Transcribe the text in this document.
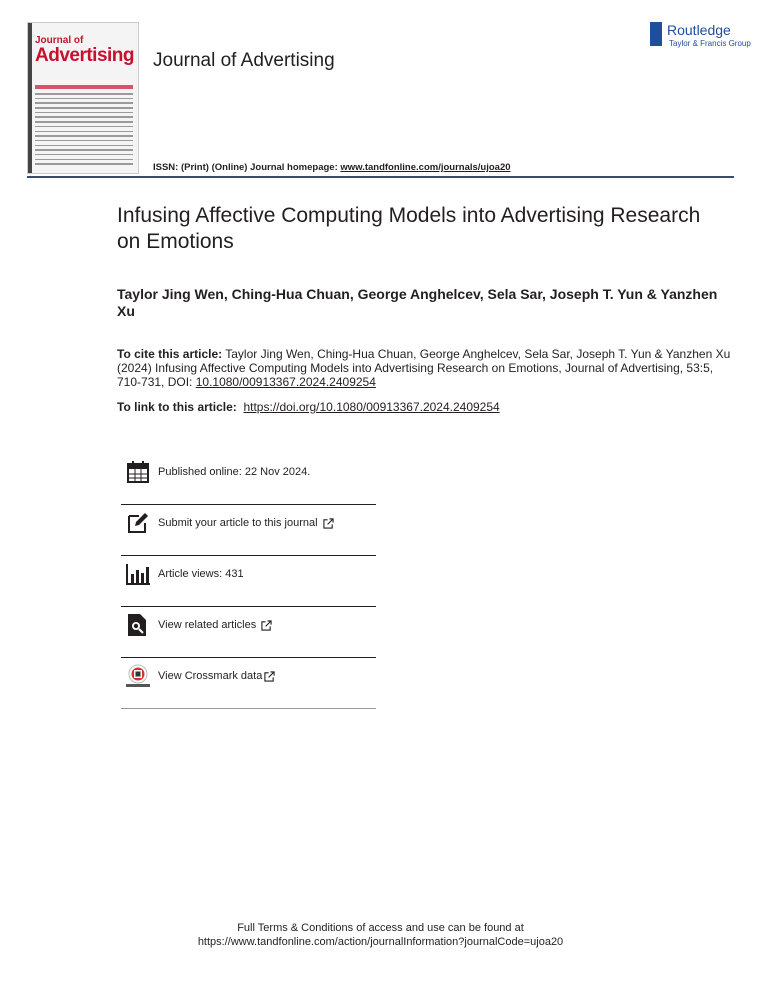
Journal of
Advertising Journal of Advertising
Routledge
Taylor & Francis Group
ISSN: (Print) (Online) Journal homepage: www.tandfonline.com/journals/ujoa20
Infusing Affective Computing Models into Advertising Research on Emotions
Taylor Jing Wen, Ching-Hua Chuan, George Anghelcev, Sela Sar, Joseph T. Yun & Yanzhen Xu
To cite this article: Taylor Jing Wen, Ching-Hua Chuan, George Anghelcev, Sela Sar, Joseph T. Yun & Yanzhen Xu (2024) Infusing Affective Computing Models into Advertising Research on Emotions, Journal of Advertising, 53:5, 710-731, DOI: 10.1080/00913367.2024.2409254
To link to this article: https://doi.org/10.1080/00913367.2024.2409254
Published online: 22 Nov 2024.
Submit your article to this journal
Article views: 431
View related articles
View Crossmark data
Full Terms & Conditions of access and use can be found at
https://www.tandfonline.com/action/journalInformation?journalCode=ujoa20
